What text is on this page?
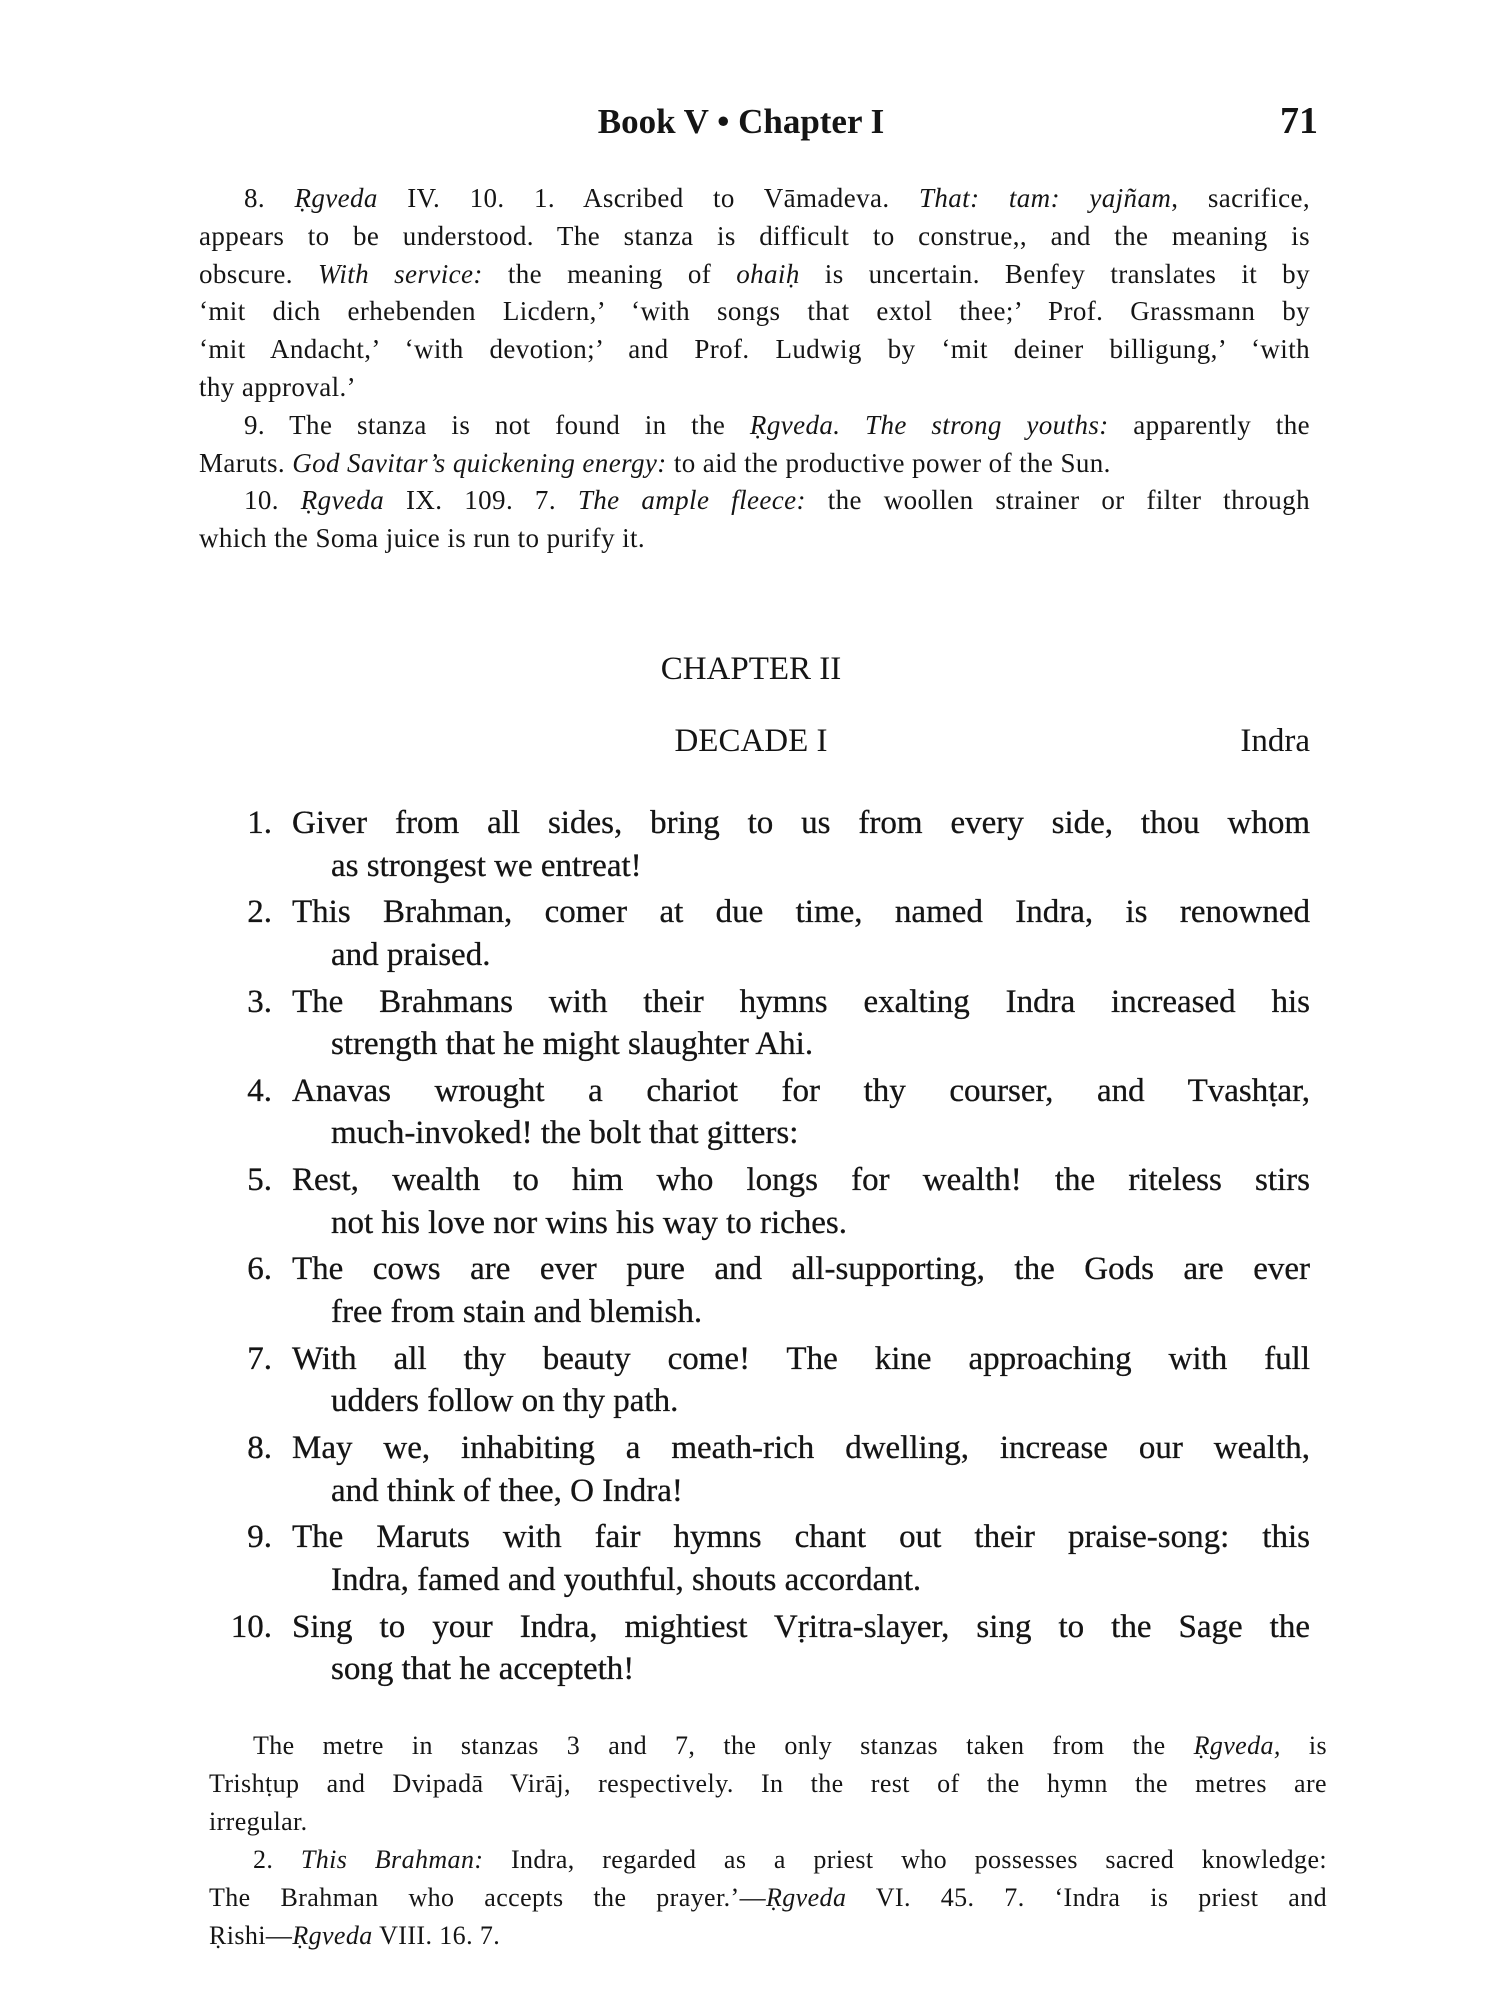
Book V • Chapter I	71
8. Ṛgveda IV. 10. 1. Ascribed to Vāmadeva. That: tam: yajñam, sacrifice,
appears to be understood. The stanza is difficult to construe,, and the meaning is
obscure. With service: the meaning of ohaiḥ is uncertain. Benfey translates it by
‘mit dich erhebenden Licdern,’ ‘with songs that extol thee;’ Prof. Grassmann by
‘mit Andacht,’ ‘with devotion;’ and Prof. Ludwig by ‘mit deiner billigung,’ ‘with
thy approval.’
9. The stanza is not found in the Ṛgveda. The strong youths: apparently the
Maruts. God Savitar’s quickening energy: to aid the productive power of the Sun.
10. Ṛgveda IX. 109. 7. The ample fleece: the woollen strainer or filter through
which the Soma juice is run to purify it.
CHAPTER II
DECADE I	Indra
1. Giver from all sides, bring to us from every side, thou whom
as strongest we entreat!
2. This Brahman, comer at due time, named Indra, is renowned
and praised.
3. The Brahmans with their hymns exalting Indra increased his
strength that he might slaughter Ahi.
4. Anavas wrought a chariot for thy courser, and Tvashṭar,
much-invoked! the bolt that gitters:
5. Rest, wealth to him who longs for wealth! the riteless stirs
not his love nor wins his way to riches.
6. The cows are ever pure and all-supporting, the Gods are ever
free from stain and blemish.
7. With all thy beauty come! The kine approaching with full
udders follow on thy path.
8. May we, inhabiting a meath-rich dwelling, increase our wealth,
and think of thee, O Indra!
9. The Maruts with fair hymns chant out their praise-song: this
Indra, famed and youthful, shouts accordant.
10. Sing to your Indra, mightiest Vṛitra-slayer, sing to the Sage the
song that he accepteth!
The metre in stanzas 3 and 7, the only stanzas taken from the Ṛgveda, is
Trishṭup and Dvipadā Virāj, respectively. In the rest of the hymn the metres are
irregular.
2. This Brahman: Indra, regarded as a priest who possesses sacred knowledge:
The Brahman who accepts the prayer.’—Ṛgveda VI. 45. 7. ‘Indra is priest and
Ṛishi—Ṛgveda VIII. 16. 7.
